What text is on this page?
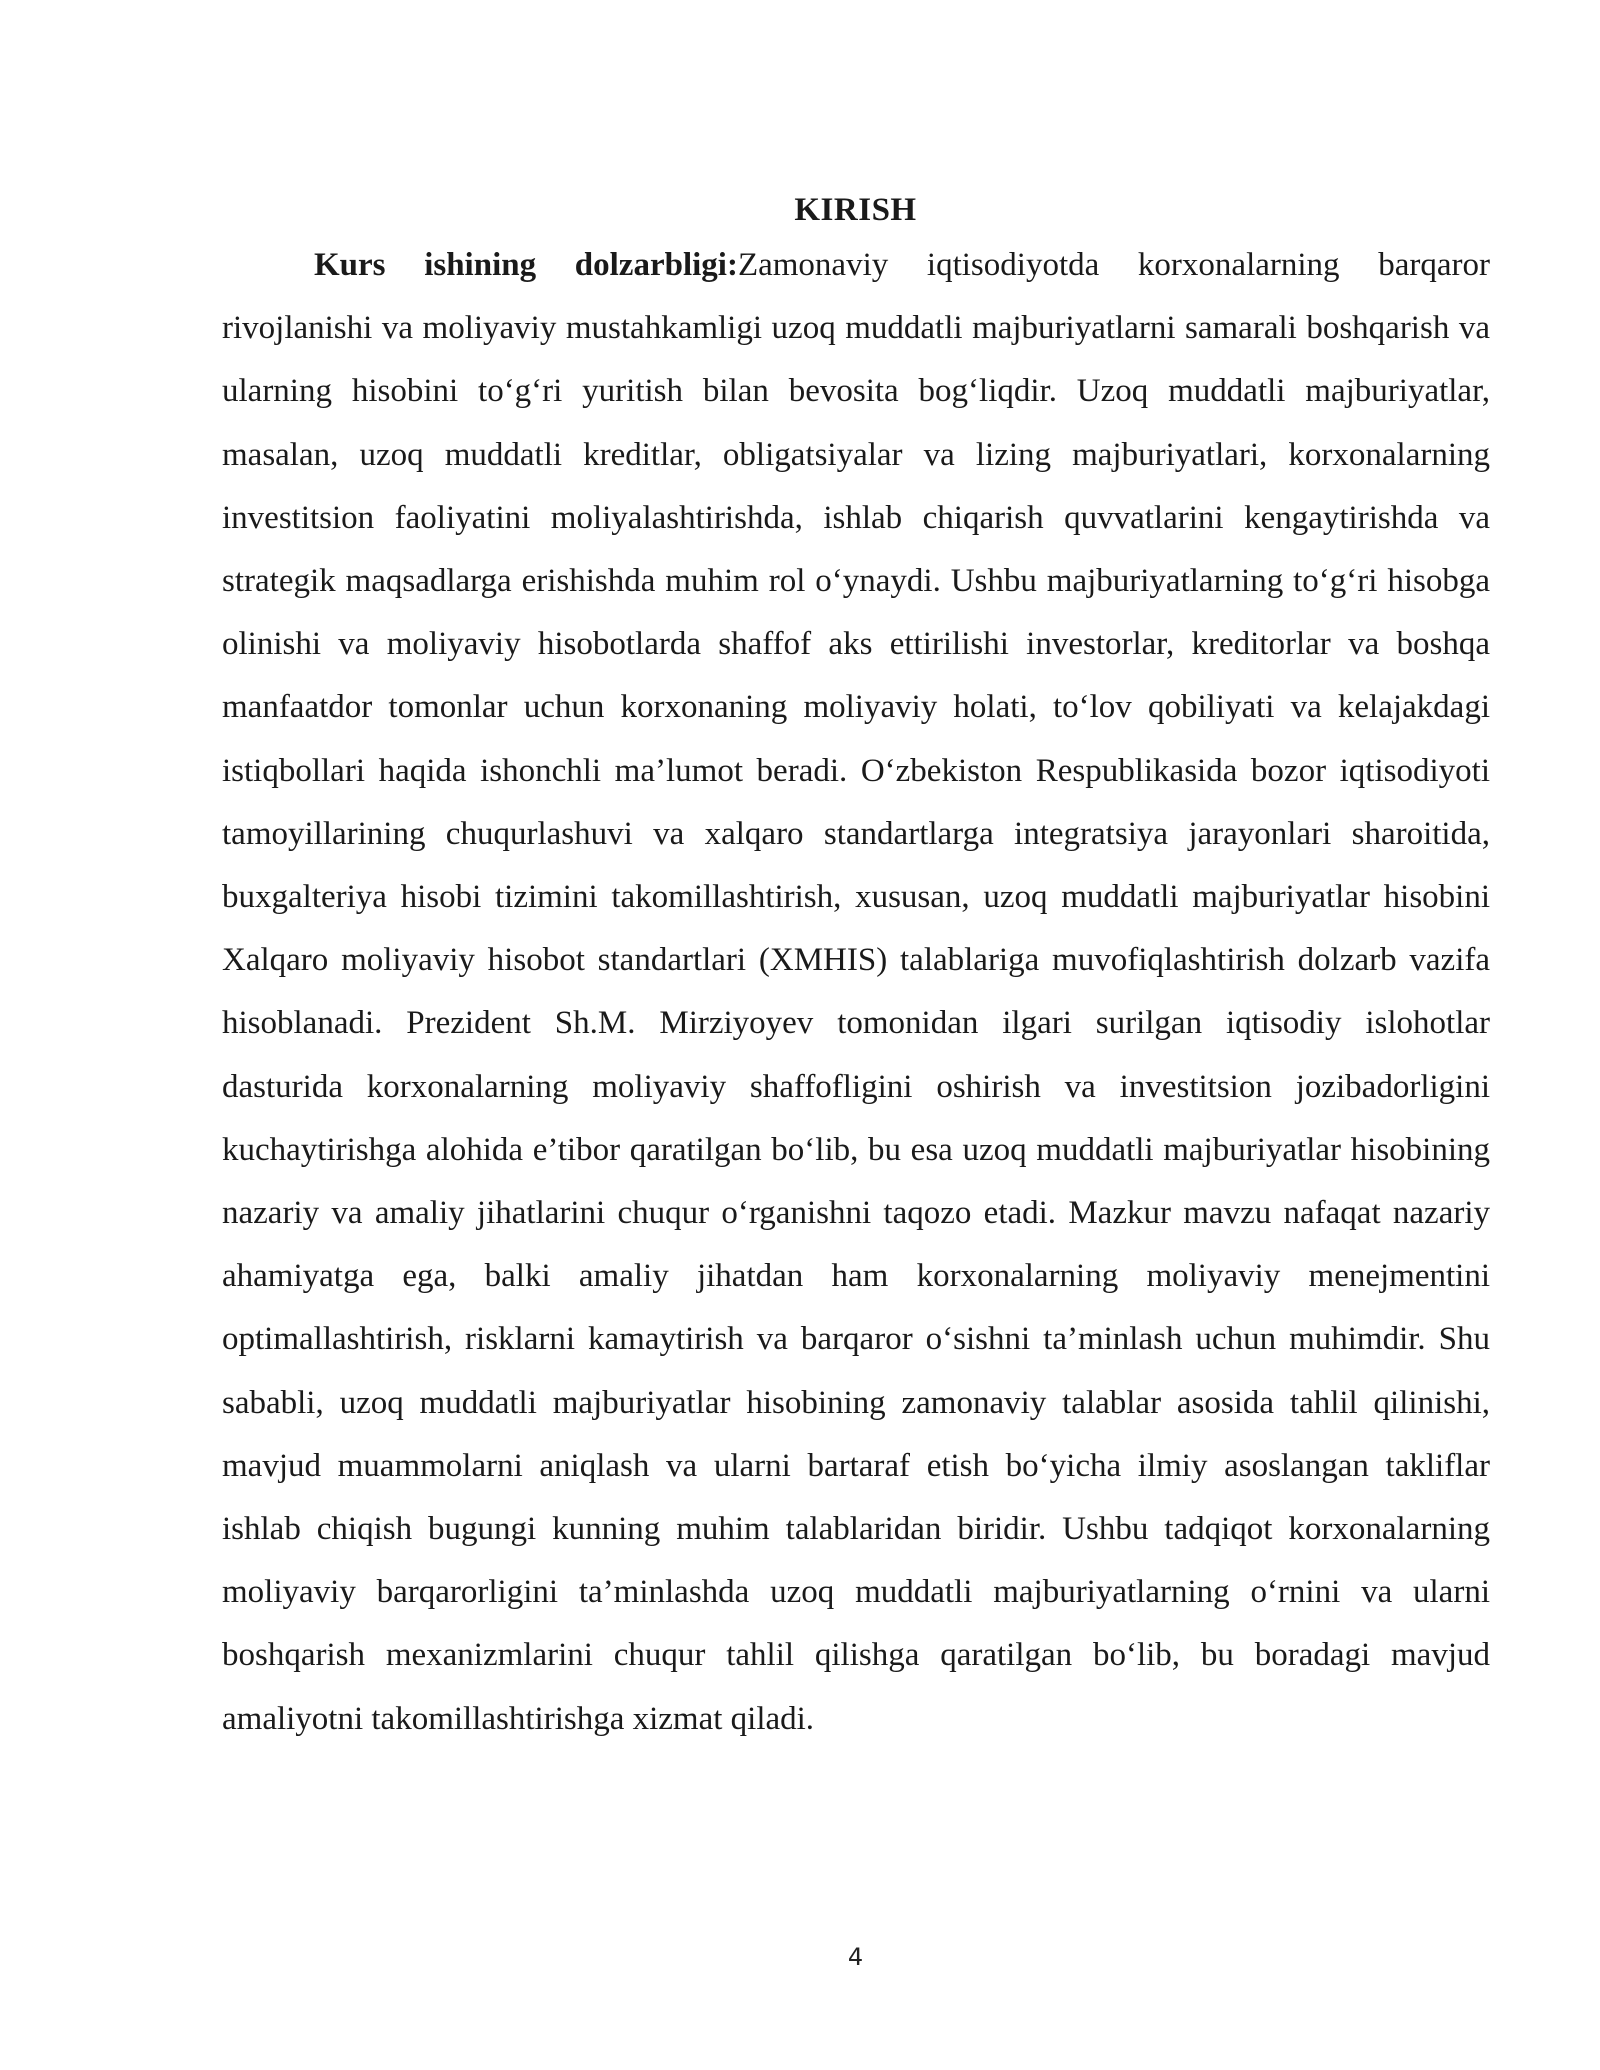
KIRISH

Kurs ishining dolzarbligi:Zamonaviy iqtisodiyotda korxonalarning barqaror rivojlanishi va moliyaviy mustahkamligi uzoq muddatli majburiyatlarni samarali boshqarish va ularning hisobini to‘g‘ri yuritish bilan bevosita bog‘liqdir. Uzoq muddatli majburiyatlar, masalan, uzoq muddatli kreditlar, obligatsiyalar va lizing majburiyatlari, korxonalarning investitsion faoliyatini moliyalashtirishda, ishlab chiqarish quvvatlarini kengaytirishda va strategik maqsadlarga erishishda muhim rol o‘ynaydi. Ushbu majburiyatlarning to‘g‘ri hisobga olinishi va moliyaviy hisobotlarda shaffof aks ettirilishi investorlar, kreditorlar va boshqa manfaatdor tomonlar uchun korxonaning moliyaviy holati, to‘lov qobiliyati va kelajakdagi istiqbollari haqida ishonchli ma’lumot beradi. O‘zbekiston Respublikasida bozor iqtisodiyoti tamoyillarining chuqurlashuvi va xalqaro standartlarga integratsiya jarayonlari sharoitida, buxgalteriya hisobi tizimini takomillashtirish, xususan, uzoq muddatli majburiyatlar hisobini Xalqaro moliyaviy hisobot standartlari (XMHIS) talablariga muvofiqlashtirish dolzarb vazifa hisoblanadi. Prezident Sh.M. Mirziyoyev tomonidan ilgari surilgan iqtisodiy islohotlar dasturida korxonalarning moliyaviy shaffofligini oshirish va investitsion jozibadorligini kuchaytirishga alohida e’tibor qaratilgan bo‘lib, bu esa uzoq muddatli majburiyatlar hisobining nazariy va amaliy jihatlarini chuqur o‘rganishni taqozo etadi. Mazkur mavzu nafaqat nazariy ahamiyatga ega, balki amaliy jihatdan ham korxonalarning moliyaviy menejmentini optimallashtirish, risklarni kamaytirish va barqaror o‘sishni ta’minlash uchun muhimdir. Shu sababli, uzoq muddatli majburiyatlar hisobining zamonaviy talablar asosida tahlil qilinishi, mavjud muammolarni aniqlash va ularni bartaraf etish bo‘yicha ilmiy asoslangan takliflar ishlab chiqish bugungi kunning muhim talablaridan biridir. Ushbu tadqiqot korxonalarning moliyaviy barqarorligini ta’minlashda uzoq muddatli majburiyatlarning o‘rnini va ularni boshqarish mexanizmlarini chuqur tahlil qilishga qaratilgan bo‘lib, bu boradagi mavjud amaliyotni takomillashtirishga xizmat qiladi.

4
